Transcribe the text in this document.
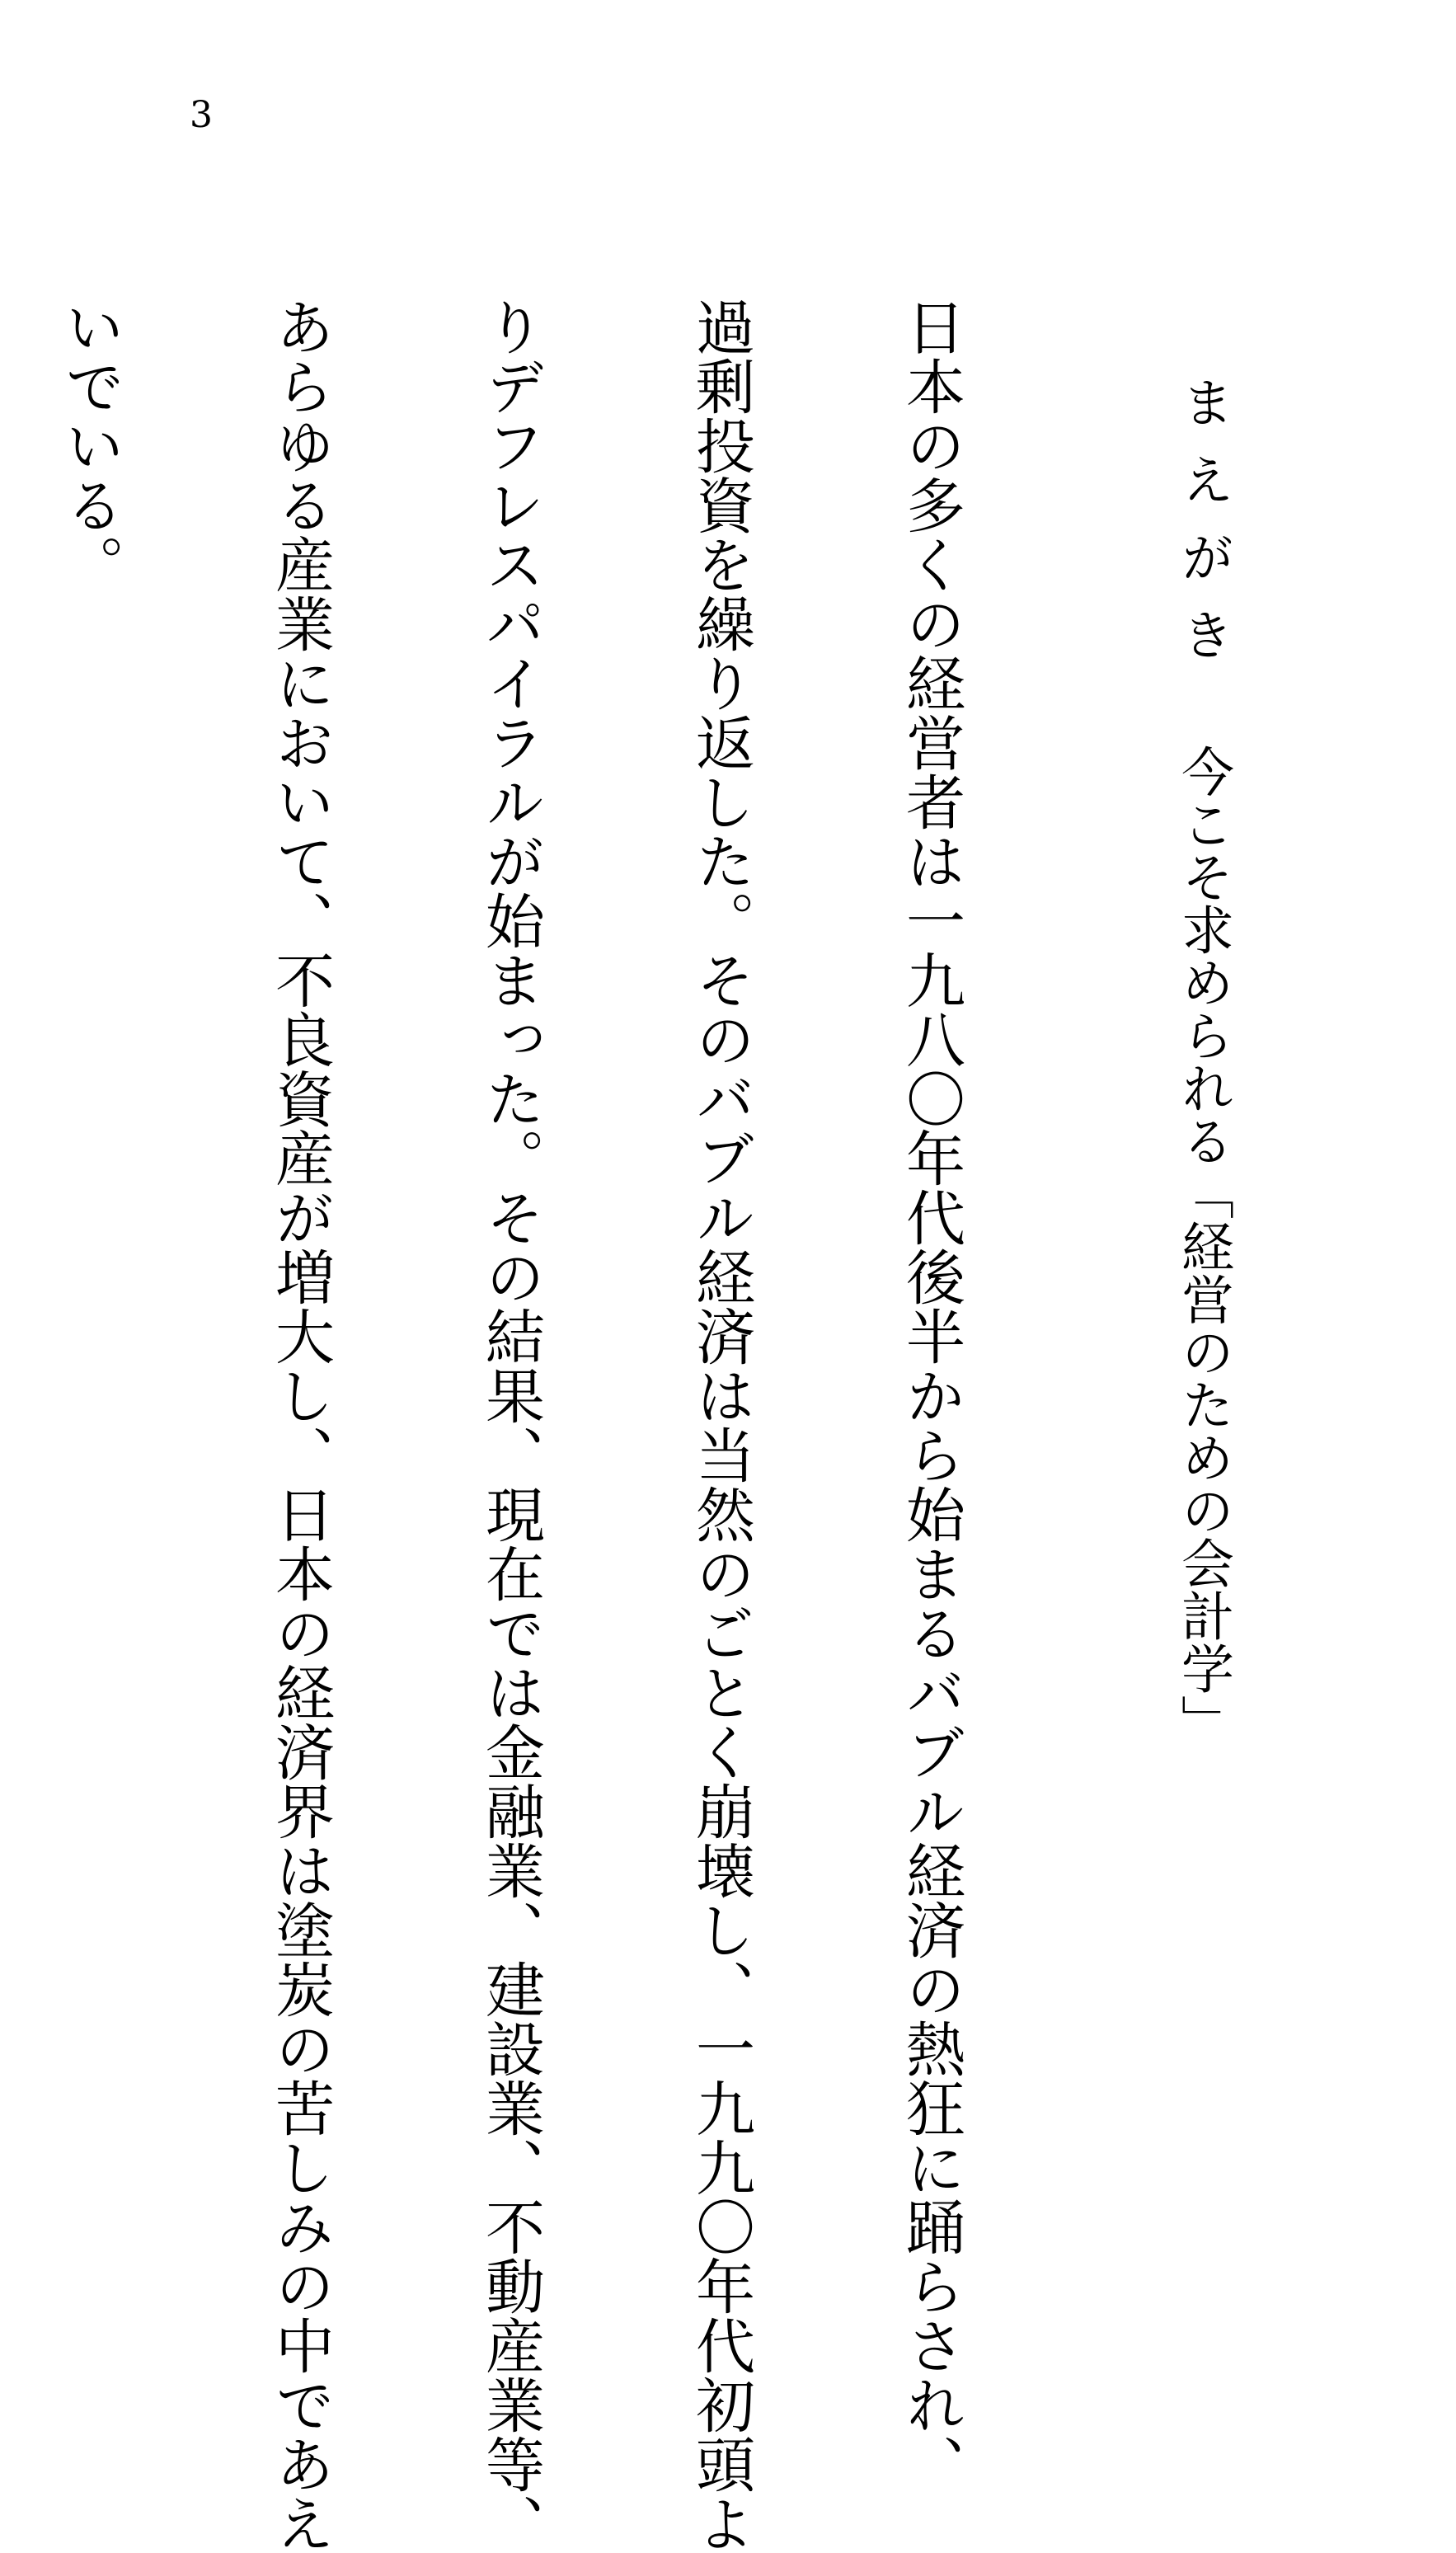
3
まえがき今こそ求められる「経営のための会計学」

日本の多くの経営者は一九八〇年代後半から始まるバブル経済の熱狂に踊らされ、

過剰投資を繰り返した。そのバブル経済は当然のごとく崩壊し、一九九〇年代初頭よ

りデフレスパイラルが始まった。その結果、現在では金融業、建設業、不動産業等、

あらゆる産業において、不良資産が増大し、日本の経済界は塗炭の苦しみの中であえ

いでいる。
